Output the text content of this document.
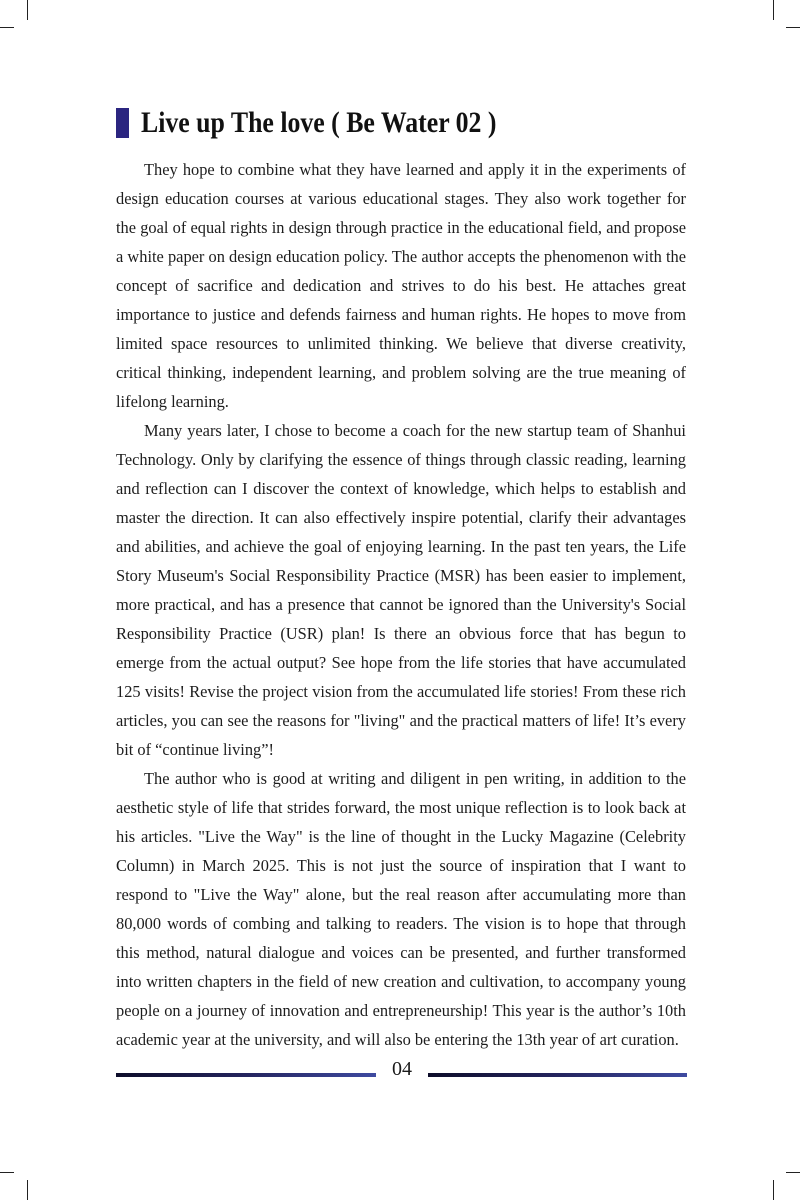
Live up The love ( Be Water 02 )

They hope to combine what they have learned and apply it in the experiments of design education courses at various educational stages. They also work together for the goal of equal rights in design through practice in the educational field, and propose a white paper on design education policy. The author accepts the phenomenon with the concept of sacrifice and dedication and strives to do his best. He attaches great importance to justice and defends fairness and human rights. He hopes to move from limited space resources to unlimited thinking. We believe that diverse creativity, critical thinking, independent learning, and problem solving are the true meaning of lifelong learning.

Many years later, I chose to become a coach for the new startup team of Shanhui Technology. Only by clarifying the essence of things through classic reading, learning and reflection can I discover the context of knowledge, which helps to establish and master the direction. It can also effectively inspire potential, clarify their advantages and abilities, and achieve the goal of enjoying learning. In the past ten years, the Life Story Museum's Social Responsibility Practice (MSR) has been easier to implement, more practical, and has a presence that cannot be ignored than the University's Social Responsibility Practice (USR) plan! Is there an obvious force that has begun to emerge from the actual output? See hope from the life stories that have accumulated 125 visits! Revise the project vision from the accumulated life stories! From these rich articles, you can see the reasons for "living" and the practical matters of life! It’s every bit of “continue living”!

The author who is good at writing and diligent in pen writing, in addition to the aesthetic style of life that strides forward, the most unique reflection is to look back at his articles. "Live the Way" is the line of thought in the Lucky Magazine (Celebrity Column) in March 2025. This is not just the source of inspiration that I want to respond to "Live the Way" alone, but the real reason after accumulating more than 80,000 words of combing and talking to readers. The vision is to hope that through this method, natural dialogue and voices can be presented, and further transformed into written chapters in the field of new creation and cultivation, to accompany young people on a journey of innovation and entrepreneurship! This year is the author’s 10th academic year at the university, and will also be entering the 13th year of art curation.

04
